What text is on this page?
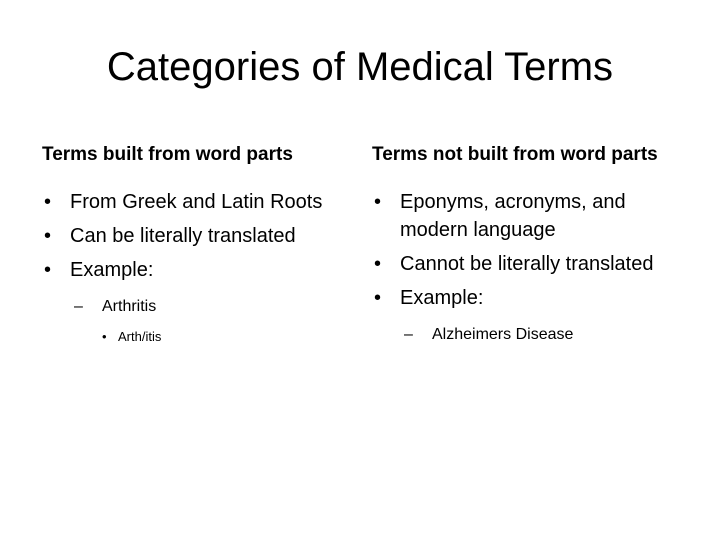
Categories of Medical Terms
Terms built from word parts
• From Greek and Latin Roots
• Can be literally translated
• Example:
– Arthritis
• Arth/itis
Terms not built from word parts
• Eponyms, acronyms, and modern language
• Cannot be literally translated
• Example:
– Alzheimers Disease
